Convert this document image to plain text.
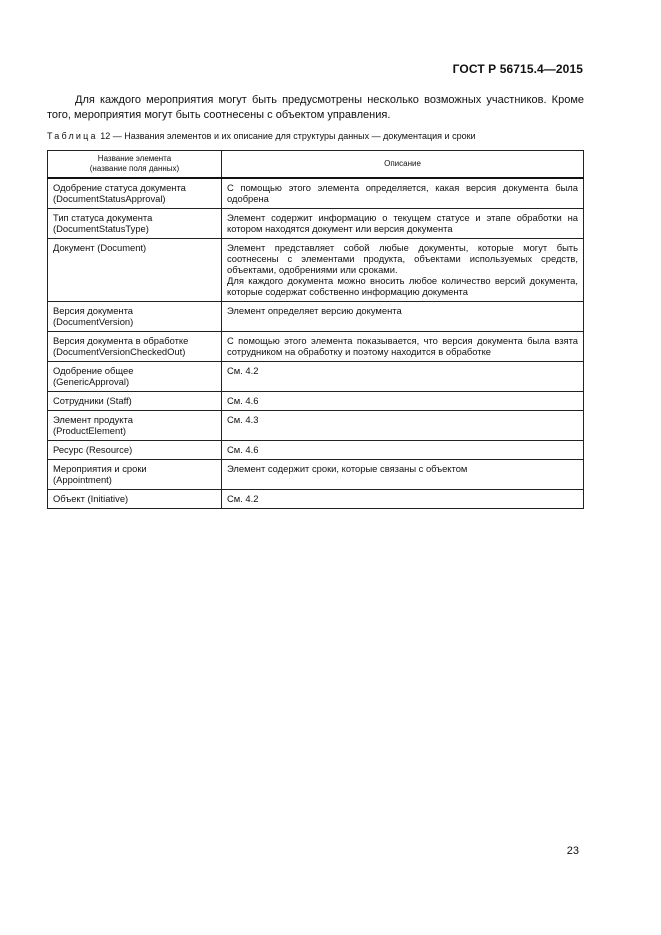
ГОСТ Р 56715.4—2015

Для каждого мероприятия могут быть предусмотрены несколько возможных участников. Кроме того, мероприятия могут быть соотнесены с объектом управления.

Таблица 12 — Названия элементов и их описание для структуры данных — документация и сроки
Название элемента
(название поля данных)	Описание

Одобрение статуса документа
(DocumentStatusApproval)	С помощью этого элемента определяется, какая версия документа была одобрена

Тип статуса документа
(DocumentStatusType)	Элемент содержит информацию о текущем статусе и этапе обработки на котором находятся документ или версия документа

Документ (Document)	Элемент представляет собой любые документы, которые могут быть соотнесены с элементами продукта, объектами используемых средств, объектами, одобрениями или сроками.
Для каждого документа можно вносить любое количество версий документа, которые содержат собственно информацию документа

Версия документа
(DocumentVersion)	Элемент определяет версию документа

Версия документа в обработке
(DocumentVersionCheckedOut)	С помощью этого элемента показывается, что версия документа была взята сотрудником на обработку и поэтому находится в обработке

Одобрение общее
(GenericApproval)	См. 4.2

Сотрудники (Staff)	См. 4.6

Элемент продукта
(ProductElement)	См. 4.3

Ресурс (Resource)	См. 4.6

Мероприятия и сроки
(Appointment)	Элемент содержит сроки, которые связаны с объектом

Объект (Initiative)	См. 4.2
23
